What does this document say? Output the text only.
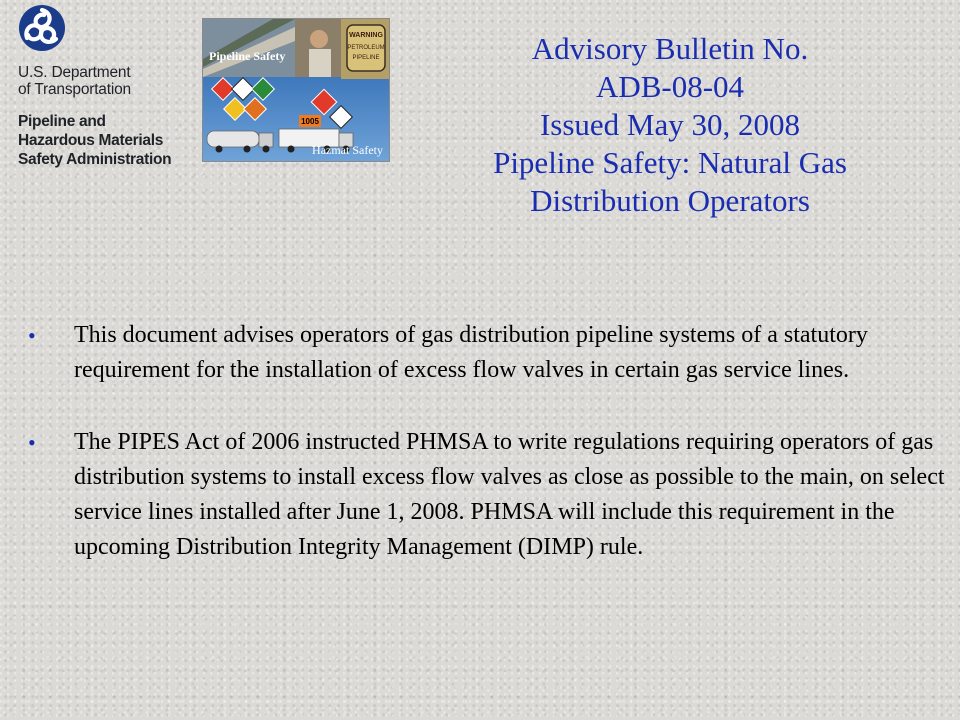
U.S. Department
of Transportation
Pipeline and
Hazardous Materials
Safety Administration
WARNING
PETROLEUM
PIPELINE
1005
Pipeline Safety
Hazmat Safety
Advisory Bulletin No.
ADB-08-04
Issued May 30, 2008
Pipeline Safety: Natural Gas
Distribution Operators
• This document advises operators of gas distribution pipeline systems of a statutory requirement for the installation of excess flow valves in certain gas service lines.
• The PIPES Act of 2006 instructed PHMSA to write regulations requiring operators of gas distribution systems to install excess flow valves as close as possible to the main, on select service lines installed after June 1, 2008. PHMSA will include this requirement in the upcoming Distribution Integrity Management (DIMP) rule.
